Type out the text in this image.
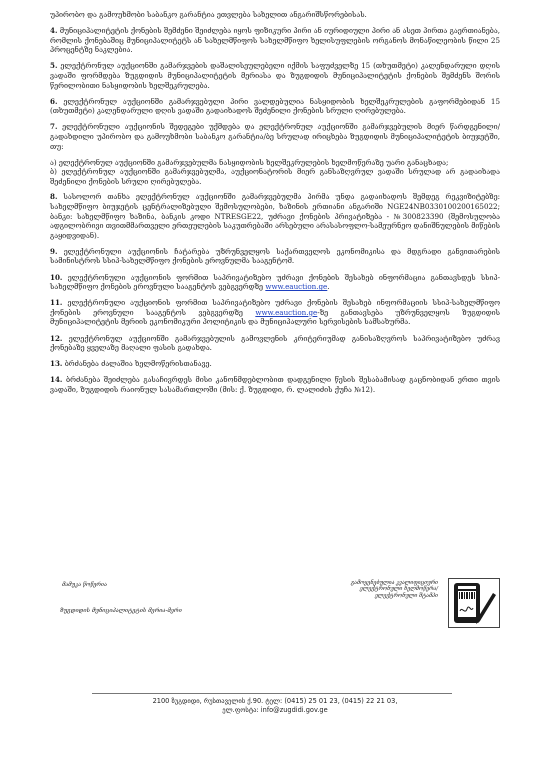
უპირობო და გამოუხმობი საბანკო გარანტია ეთვლება სახელით ანგარიშსწორებისას.

4. მუნიციპალიტეტის ქონების შემძენი შეიძლება იყოს ფიზიკური პირი ან იურიდიული პირი ან ასეთ პირთა გაერთიანება, რომლის ქონებაშიც მუნიციპალიტეტს ან სახელმწიფოს სახელმწიფო ხელისუფლების ორგანოს მონაწილეობის წილი 25 პროცენტზე ნაკლებია.

5. ელექტრონულ აუქციონში გამარჯვების დაშალისეულებელი იქმის საფუძველზე 15 (თხუთმეტი) კალენდარული დღის ვადაში ფორმდება ზუგდიდის მუნიციპალიტეტის მერიასა და ზუგდიდის მუნიციპალიტეტის ქონების შემძენს შორის წერილობითი ნასყიდობის ხელშეკრულება.

6. ელექტრონულ აუქციონში გამარჯვებული პირი ვალდებულია ნასყიდობის ხელშეკრულების გაფორმებიდან 15 (თხუთმეტი) კალენდარული დღის ვადაში გადაიხადოს შეძენილი ქონების სრული ღირებულება.

7. ელექტრონული აუქციონის შედეგები უქმდება და ელექტრონულ აუქციონში გამარჯვებულის მიერ წარდგენილი/გადახდილი უპირობო და გამოუხმობი საბანკო გარანტია/ბე სრულად ირიცხება ზუგდიდის მუნიციპალიტეტის ბიუჯეტში, თუ:

ა) ელექტრონულ აუქციონში გამარჯვებულმა ნასყიდობის ხელშეკრულების ხელმოწერაზე უარი განაცხადა;

ბ) ელექტრონულ აუქციონში გამარჯვებულმა, აუქციონატორის მიერ განსაზღვრულ ვადაში სრულად არ გადაიხადა შეძენილი ქონების სრული ღირებულება.

8. სასოლორ თანხა ელექტრონულ აუქციონში გამარჯვებულმა პირმა უნდა გადაიხადოს შემდეგ რეკვიზიტებზე: სახელმწიფო ბიუჯეტის ცენტრალიზებული შემოსულობები, ხაზინის ერთიანი ანგარიში NGE24NB0330100200165022; ბანკი: სახელმწიფო ხაზინა, ბანკის კოდი NTRESGE22, უძრავი ქონების პრივატიზება - №300823390 (შემოსულობა ადგილობრივი თვითმმართველი ერთეულების საკუთრებაში არსებული არასასოფლო-სამეურნეო დანიშნულების მიწების გაყიდვიდან).

9. ელექტრონული აუქციონის ჩატარება უზრუნველყოს საქართველოს ეკონომიკისა და მდგრადი განვითარების სამინისტროს სსიპ-სახელმწიფო ქონების ეროვნულმა სააგენტომ.

10. ელექტრონული აუქციონის ფორმით საპრივატიზებო უძრავი ქონების შესახებ ინფორმაცია განთავსდეს სსიპ-სახელმწიფო ქონების ეროვნული სააგენტოს ვებგვერდზე www.eauction.ge.

11. ელექტრონული აუქციონის ფორმით საპრივატიზებო უძრავი ქონების შესახებ ინფორმაციის სსიპ-სახელმწიფო ქონების ეროვნული სააგენტოს ვებგვერდზე www.eauction.ge-ზე განთავსება უზრუნველყოს ზუგდიდის მუნიციპალიტეტის მერიის ეკონომიკური პოლიტიკის და მუნიციპალური სერვისების სამსახურმა.

12. ელექტრონულ აუქციონში გამარჯვებულის გამოვლენის კრიტერიუმად განისაზღვროს საპრივატიზებო უძრავ ქონებაზე ყველაზე მაღალი ფასის გადახდა.

13. ბრძანება ძალაშია ხელმოწერისთანავე.

14. ბრძანება შეიძლება გასაჩივრდეს მისი კანონმდებლობით დადგენილი წესის შესაბამისად გაცნობიდან ერთი თვის ვადაში, ზუგდიდის რაიონულ სასამართლოში (მის: ქ. ზუგდიდი, რ. ლალიძის ქუჩა №12).

მამუკა წოწერია
ზუგდიდის მუნიციპალიტეტის მერია-მერი
გამოყენებულია კვალიფიციური ელექტრონული ხელმოწერა/ ელექტრონული შტამპი
2100 ზუგდიდი, რუსთაველის ქ.90. ტელ: (0415) 25 01 23, (0415) 22 21 03,
ელ.ფოსტა: info@zugdidi.gov.ge
